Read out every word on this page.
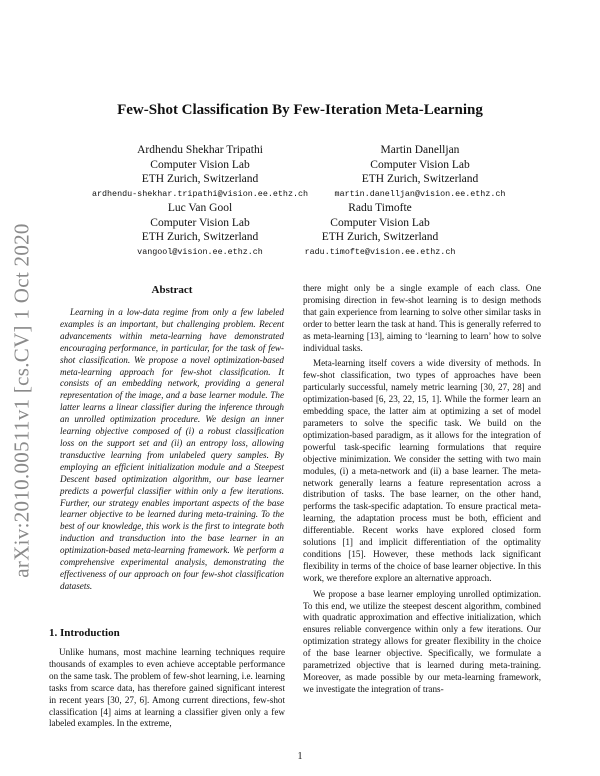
arXiv:2010.00511v1 [cs.CV] 1 Oct 2020
Few-Shot Classification By Few-Iteration Meta-Learning
Ardhendu Shekhar Tripathi
Computer Vision Lab
ETH Zurich, Switzerland
ardhendu-shekhar.tripathi@vision.ee.ethz.ch
Martin Danelljan
Computer Vision Lab
ETH Zurich, Switzerland
martin.danelljan@vision.ee.ethz.ch
Luc Van Gool
Computer Vision Lab
ETH Zurich, Switzerland
vangool@vision.ee.ethz.ch
Radu Timofte
Computer Vision Lab
ETH Zurich, Switzerland
radu.timofte@vision.ee.ethz.ch
Abstract
Learning in a low-data regime from only a few labeled examples is an important, but challenging problem. Recent advancements within meta-learning have demonstrated encouraging performance, in particular, for the task of few-shot classification. We propose a novel optimization-based meta-learning approach for few-shot classification. It consists of an embedding network, providing a general representation of the image, and a base learner module. The latter learns a linear classifier during the inference through an unrolled optimization procedure. We design an inner learning objective composed of (i) a robust classification loss on the support set and (ii) an entropy loss, allowing transductive learning from unlabeled query samples. By employing an efficient initialization module and a Steepest Descent based optimization algorithm, our base learner predicts a powerful classifier within only a few iterations. Further, our strategy enables important aspects of the base learner objective to be learned during meta-training. To the best of our knowledge, this work is the first to integrate both induction and transduction into the base learner in an optimization-based meta-learning framework. We perform a comprehensive experimental analysis, demonstrating the effectiveness of our approach on four few-shot classification datasets.
1. Introduction

Unlike humans, most machine learning techniques require thousands of examples to even achieve acceptable performance on the same task. The problem of few-shot learning, i.e. learning tasks from scarce data, has therefore gained significant interest in recent years [30, 27, 6]. Among current directions, few-shot classification [4] aims at learning a classifier given only a few labeled examples. In the extreme,

there might only be a single example of each class. One promising direction in few-shot learning is to design methods that gain experience from learning to solve other similar tasks in order to better learn the task at hand. This is generally referred to as meta-learning [13], aiming to ‘learning to learn’ how to solve individual tasks.

Meta-learning itself covers a wide diversity of methods. In few-shot classification, two types of approaches have been particularly successful, namely metric learning [30, 27, 28] and optimization-based [6, 23, 22, 15, 1]. While the former learn an embedding space, the latter aim at optimizing a set of model parameters to solve the specific task. We build on the optimization-based paradigm, as it allows for the integration of powerful task-specific learning formulations that require objective minimization. We consider the setting with two main modules, (i) a meta-network and (ii) a base learner. The meta-network generally learns a feature representation across a distribution of tasks. The base learner, on the other hand, performs the task-specific adaptation. To ensure practical meta-learning, the adaptation process must be both, efficient and differentiable. Recent works have explored closed form solutions [1] and implicit differentiation of the optimality conditions [15]. However, these methods lack significant flexibility in terms of the choice of base learner objective. In this work, we therefore explore an alternative approach.

We propose a base learner employing unrolled optimization. To this end, we utilize the steepest descent algorithm, combined with quadratic approximation and effective initialization, which ensures reliable convergence within only a few iterations. Our optimization strategy allows for greater flexibility in the choice of the base learner objective. Specifically, we formulate a parametrized objective that is learned during meta-training. Moreover, as made possible by our meta-learning framework, we investigate the integration of trans-

1
